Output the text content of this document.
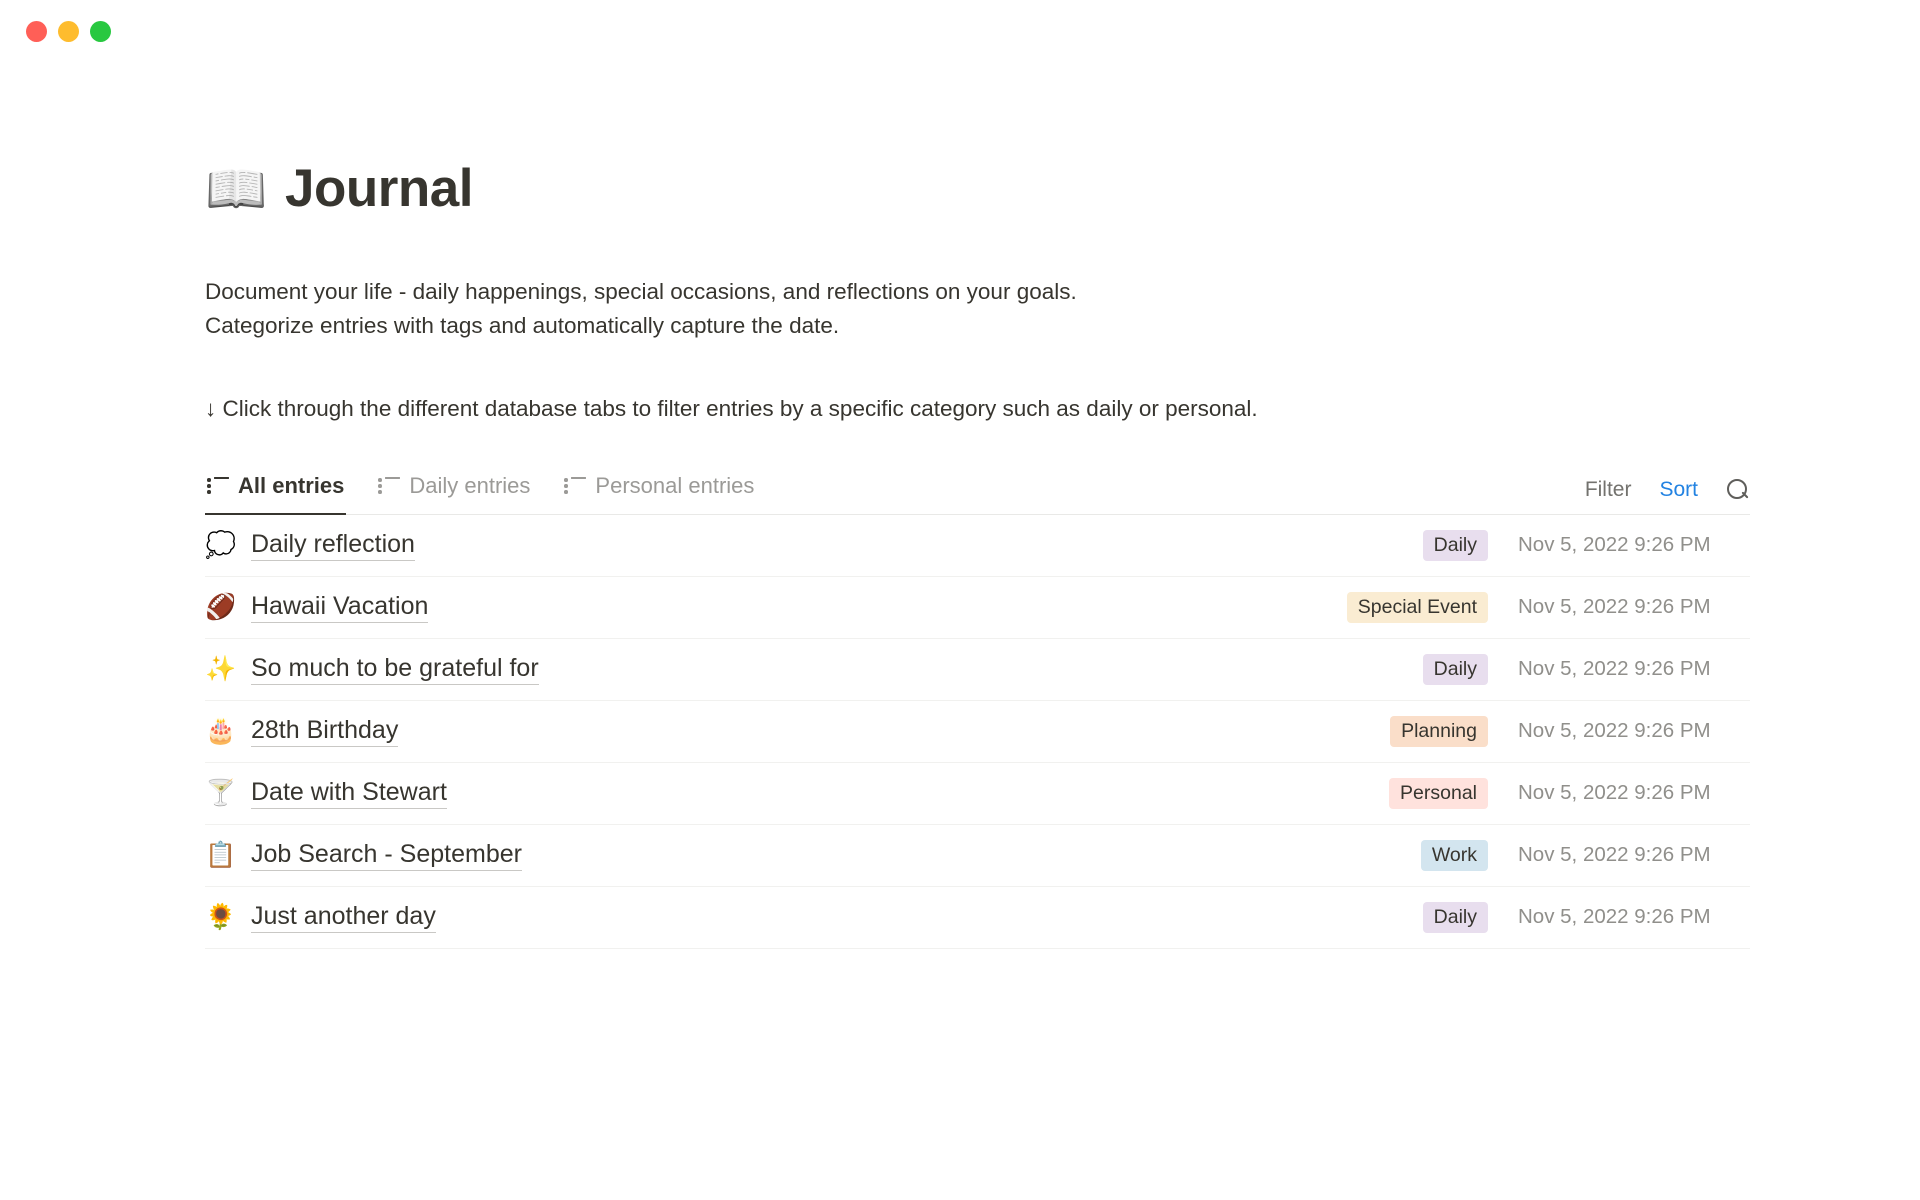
📖 Journal
Document your life - daily happenings, special occasions, and reflections on your goals.
Categorize entries with tags and automatically capture the date.
↓ Click through the different database tabs to filter entries by a specific category such as daily or personal.
All entries	Daily entries	Personal entries	Filter Sort
💭 Daily reflection	Daily	Nov 5, 2022 9:26 PM
🏈 Hawaii Vacation	Special Event	Nov 5, 2022 9:26 PM
✨ So much to be grateful for	Daily	Nov 5, 2022 9:26 PM
🎂 28th Birthday	Planning	Nov 5, 2022 9:26 PM
🍸 Date with Stewart	Personal	Nov 5, 2022 9:26 PM
📋 Job Search - September	Work	Nov 5, 2022 9:26 PM
🌻 Just another day	Daily	Nov 5, 2022 9:26 PM
